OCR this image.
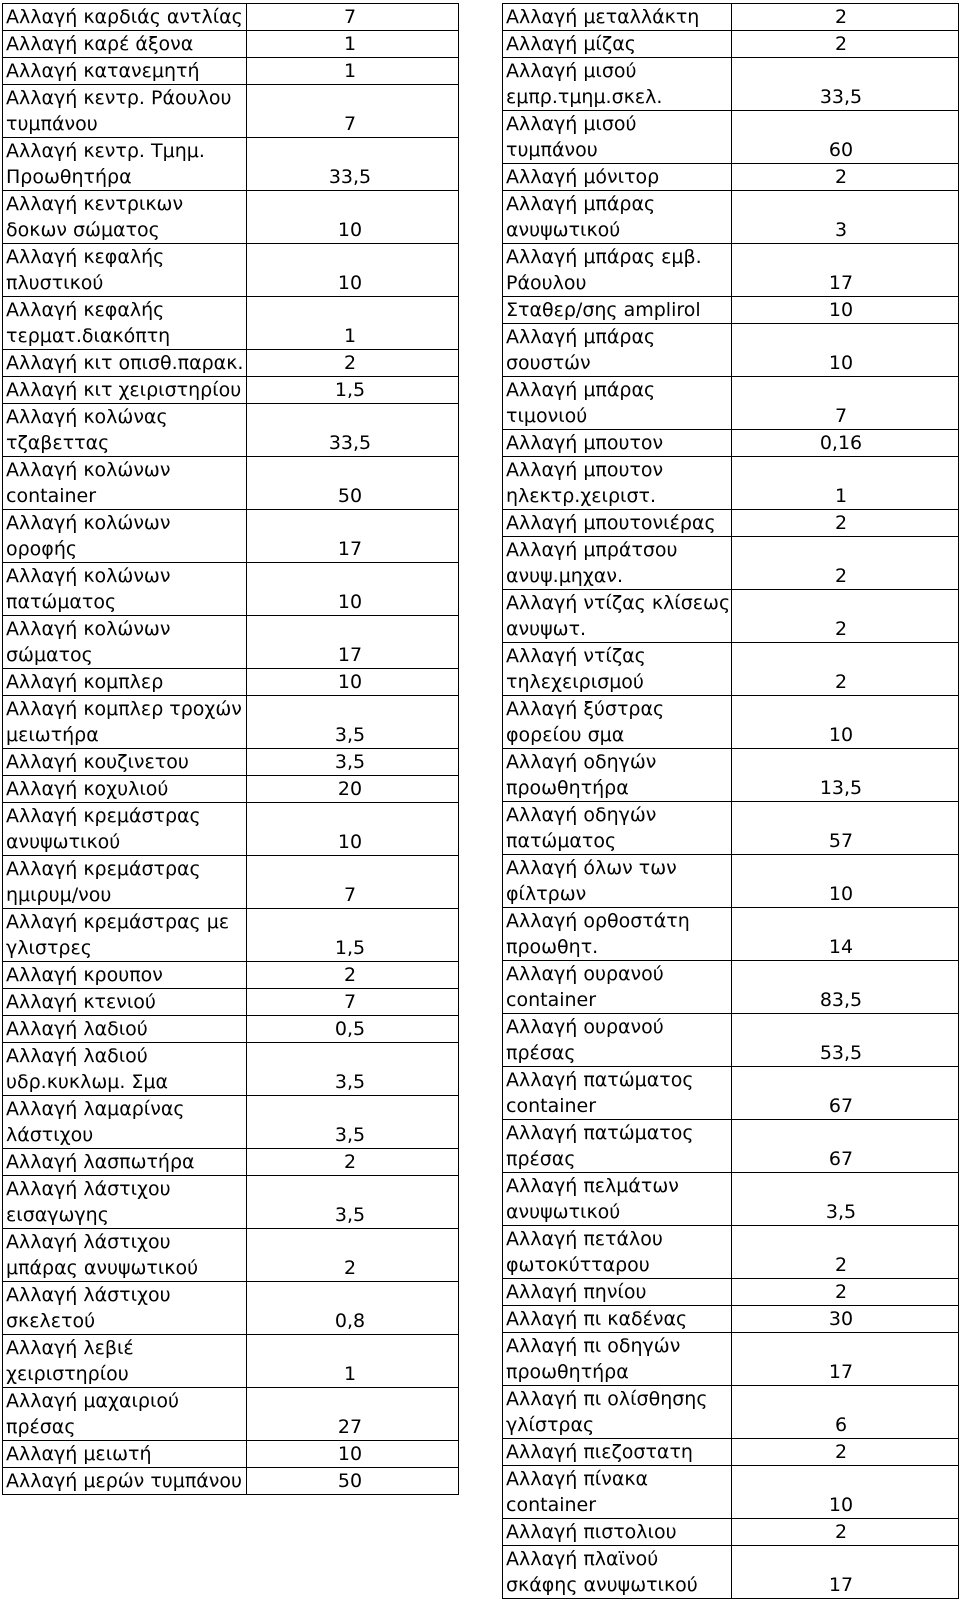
Αλλαγή καρδιάς αντλίας	7
Αλλαγή καρέ άξονα	1
Αλλαγή κατανεμητή	1
Αλλαγή κεντρ. Ράουλου τυμπάνου	7
Αλλαγή κεντρ. Τμημ. Προωθητήρα	33,5
Αλλαγή κεντρικων δοκων σώματος	10
Αλλαγή κεφαλής πλυστικού	10
Αλλαγή κεφαλής τερματ.διακόπτη	1
Αλλαγή κιτ οπισθ.παρακ.	2
Αλλαγή κιτ χειριστηρίου	1,5
Αλλαγή κολώνας τζαβεττας	33,5
Αλλαγή κολώνων container	50
Αλλαγή κολώνων οροφής	17
Αλλαγή κολώνων πατώματος	10
Αλλαγή κολώνων σώματος	17
Αλλαγή κομπλερ	10
Αλλαγή κομπλερ τροχών μειωτήρα	3,5
Αλλαγή κουζινετου	3,5
Αλλαγή κοχυλιού	20
Αλλαγή κρεμάστρας ανυψωτικού	10
Αλλαγή κρεμάστρας ημιρυμ/νου	7
Αλλαγή κρεμάστρας με γλιστρες	1,5
Αλλαγή κρουπον	2
Αλλαγή κτενιού	7
Αλλαγή λαδιού	0,5
Αλλαγή λαδιού υδρ.κυκλωμ. Σμα	3,5
Αλλαγή λαμαρίνας λάστιχου	3,5
Αλλαγή λασπωτήρα	2
Αλλαγή λάστιχου εισαγωγης	3,5
Αλλαγή λάστιχου μπάρας ανυψωτικού	2
Αλλαγή λάστιχου σκελετού	0,8
Αλλαγή λεβιέ χειριστηρίου	1
Αλλαγή μαχαιριού πρέσας	27
Αλλαγή μειωτή	10
Αλλαγή μερών τυμπάνου	50
Αλλαγή μεταλλάκτη	2
Αλλαγή μίζας	2
Αλλαγή μισού εμπρ.τμημ.σκελ.	33,5
Αλλαγή μισού τυμπάνου	60
Αλλαγή μόνιτορ	2
Αλλαγή μπάρας ανυψωτικού	3
Αλλαγή μπάρας εμβ. Ράουλου	17
Σταθερ/σης amplirol	10
Αλλαγή μπάρας σουστών	10
Αλλαγή μπάρας τιμονιού	7
Αλλαγή μπουτον	0,16
Αλλαγή μπουτον ηλεκτρ.χειριστ.	1
Αλλαγή μπουτονιέρας	2
Αλλαγή μπράτσου ανυψ.μηχαν.	2
Αλλαγή ντίζας κλίσεως ανυψωτ.	2
Αλλαγή ντίζας τηλεχειρισμού	2
Αλλαγή ξύστρας φορείου σμα	10
Αλλαγή οδηγών προωθητήρα	13,5
Αλλαγή οδηγών πατώματος	57
Αλλαγή όλων των φίλτρων	10
Αλλαγή ορθοστάτη προωθητ.	14
Αλλαγή ουρανού container	83,5
Αλλαγή ουρανού πρέσας	53,5
Αλλαγή πατώματος container	67
Αλλαγή πατώματος πρέσας	67
Αλλαγή πελμάτων ανυψωτικού	3,5
Αλλαγή πετάλου φωτοκύτταρου	2
Αλλαγή πηνίου	2
Αλλαγή πι καδένας	30
Αλλαγή πι οδηγών προωθητήρα	17
Αλλαγή πι ολίσθησης γλίστρας	6
Αλλαγή πιεζοστατη	2
Αλλαγή πίνακα container	10
Αλλαγή πιστολιου	2
Αλλαγή πλαϊνού σκάφης ανυψωτικού	17
